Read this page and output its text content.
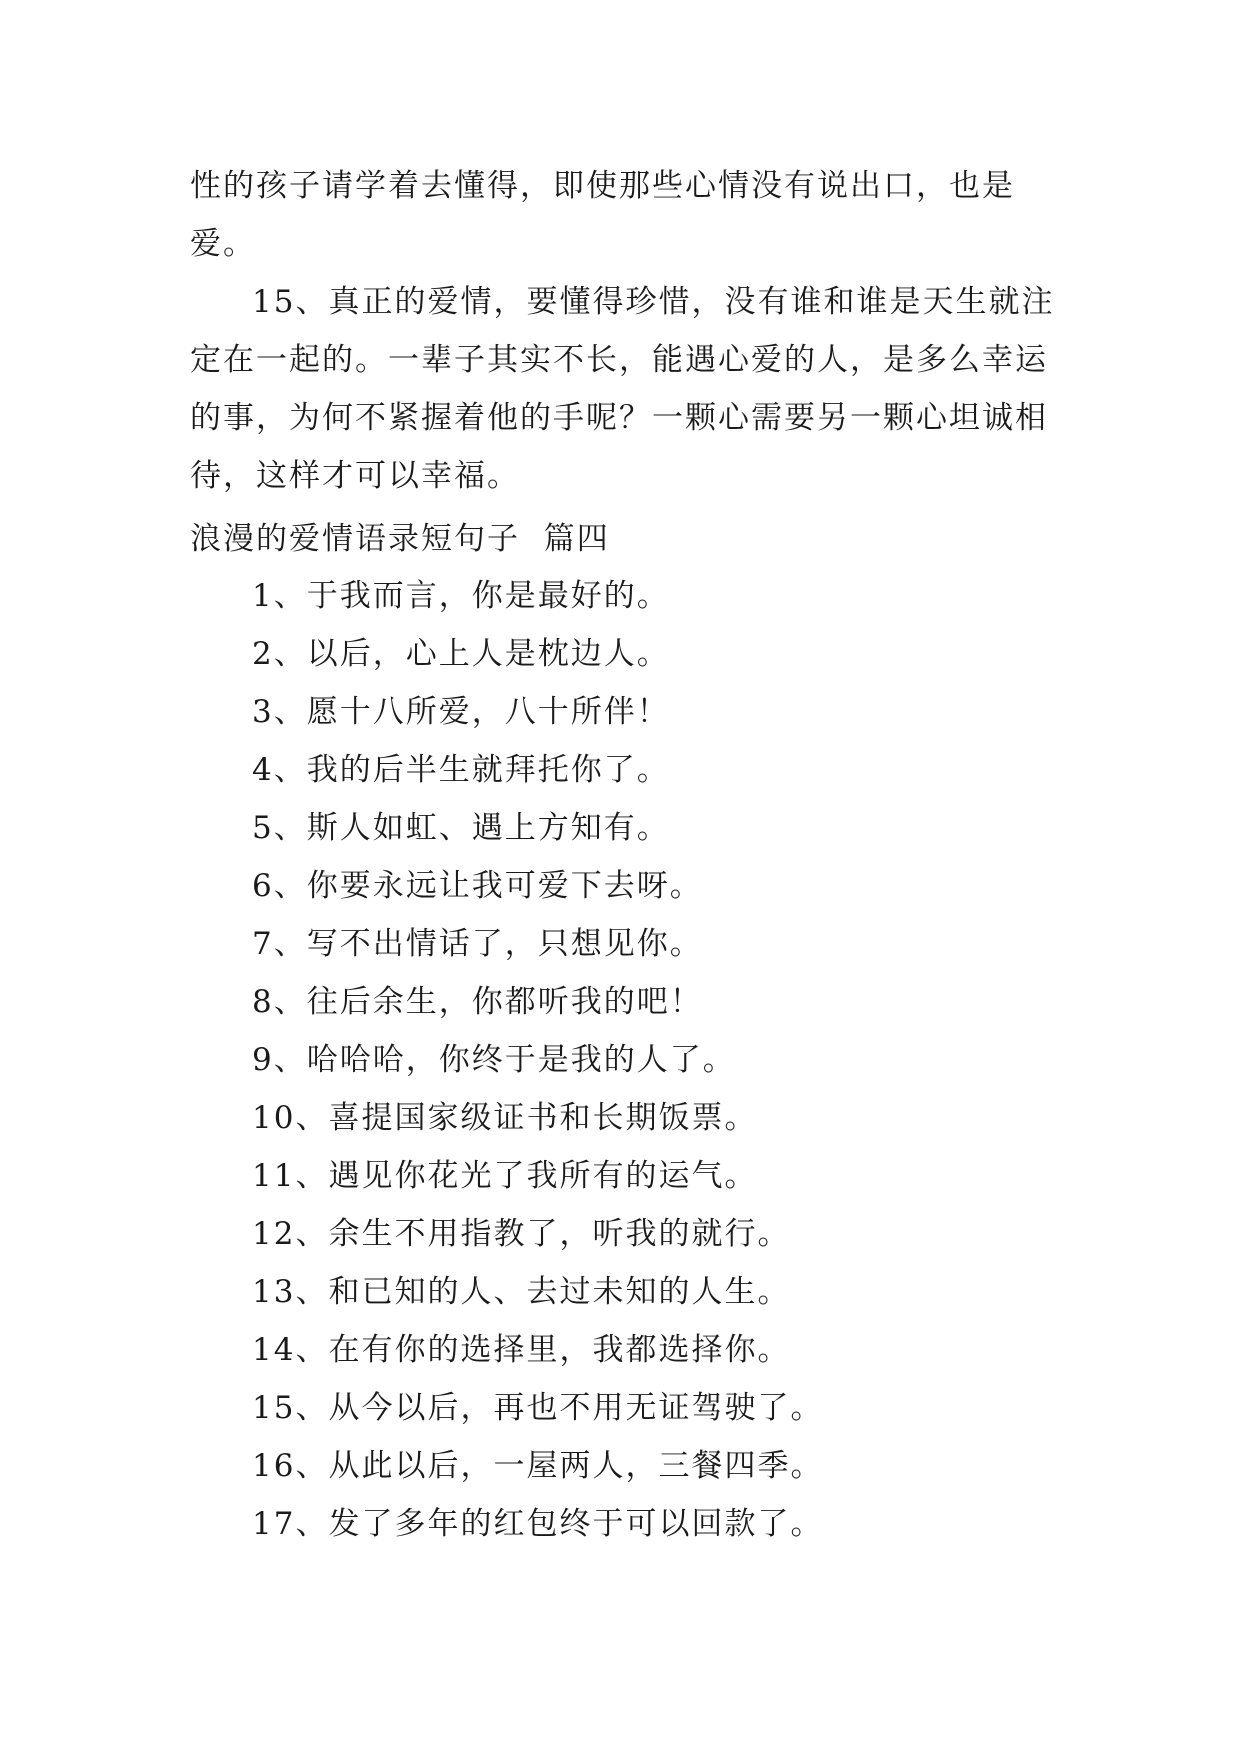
性的孩子请学着去懂得，即使那些心情没有说出口，也是爱。

15、真正的爱情，要懂得珍惜，没有谁和谁是天生就注定在一起的。一辈子其实不长，能遇心爱的人，是多么幸运的事，为何不紧握着他的手呢？一颗心需要另一颗心坦诚相待，这样才可以幸福。

浪漫的爱情语录短句子  篇四
1、于我而言，你是最好的。
2、以后，心上人是枕边人。
3、愿十八所爱，八十所伴！
4、我的后半生就拜托你了。
5、斯人如虹、遇上方知有。
6、你要永远让我可爱下去呀。
7、写不出情话了，只想见你。
8、往后余生，你都听我的吧！
9、哈哈哈，你终于是我的人了。
10、喜提国家级证书和长期饭票。
11、遇见你花光了我所有的运气。
12、余生不用指教了，听我的就行。
13、和已知的人、去过未知的人生。
14、在有你的选择里，我都选择你。
15、从今以后，再也不用无证驾驶了。
16、从此以后，一屋两人，三餐四季。
17、发了多年的红包终于可以回款了。
